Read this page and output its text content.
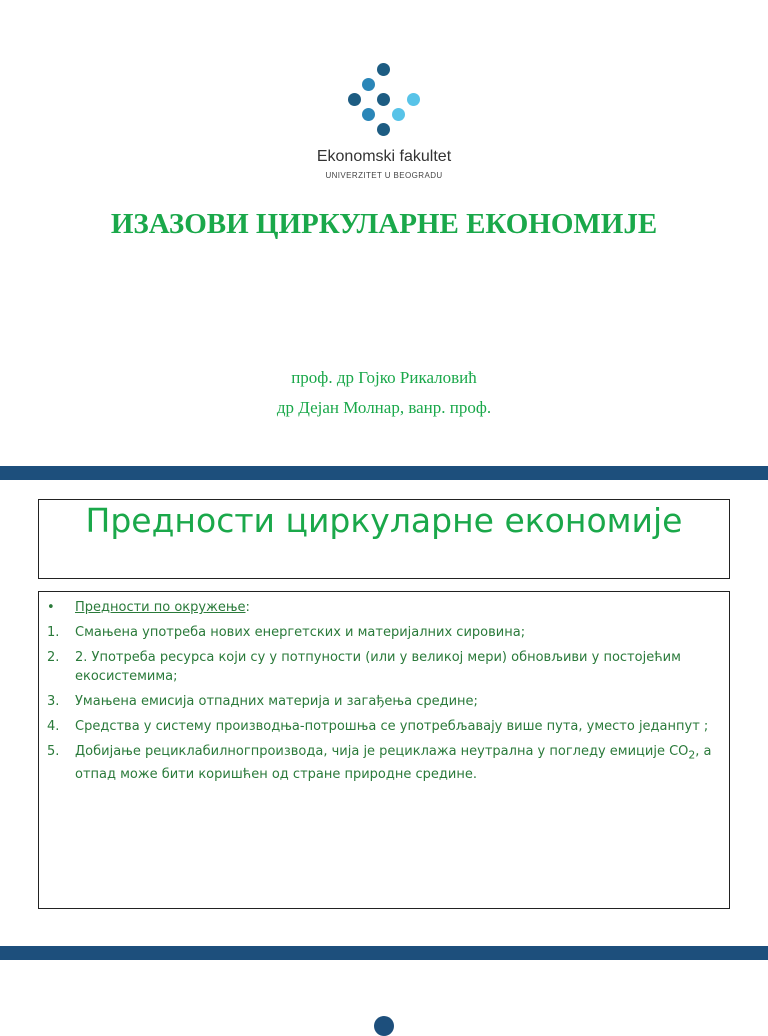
Ekonomski fakultet
UNIVERZITET U BEOGRADU
ИЗАЗОВИ ЦИРКУЛАРНЕ ЕКОНОМИЈЕ
проф. др Гојко Рикаловић
др Дејан Молнар, ванр. проф.
Предности циркуларне економије
• Предности по окружење:
1. Смањена употреба нових енергетских и материјалних сировина;
2. 2. Употреба ресурса који су у потпуности (или у великој мери) обновљиви у постојећим екосистемима;
3. Умањена емисија отпадних материја и загађења средине;
4. Средства у систему производња-потрошња се употребљавају више пута, уместо једанпут ;
5. Добијање рециклабилногпроизвода, чија је рециклажа неутрална у погледу емиције $CO_2$, а отпад може бити коришћен од стране природне средине.
